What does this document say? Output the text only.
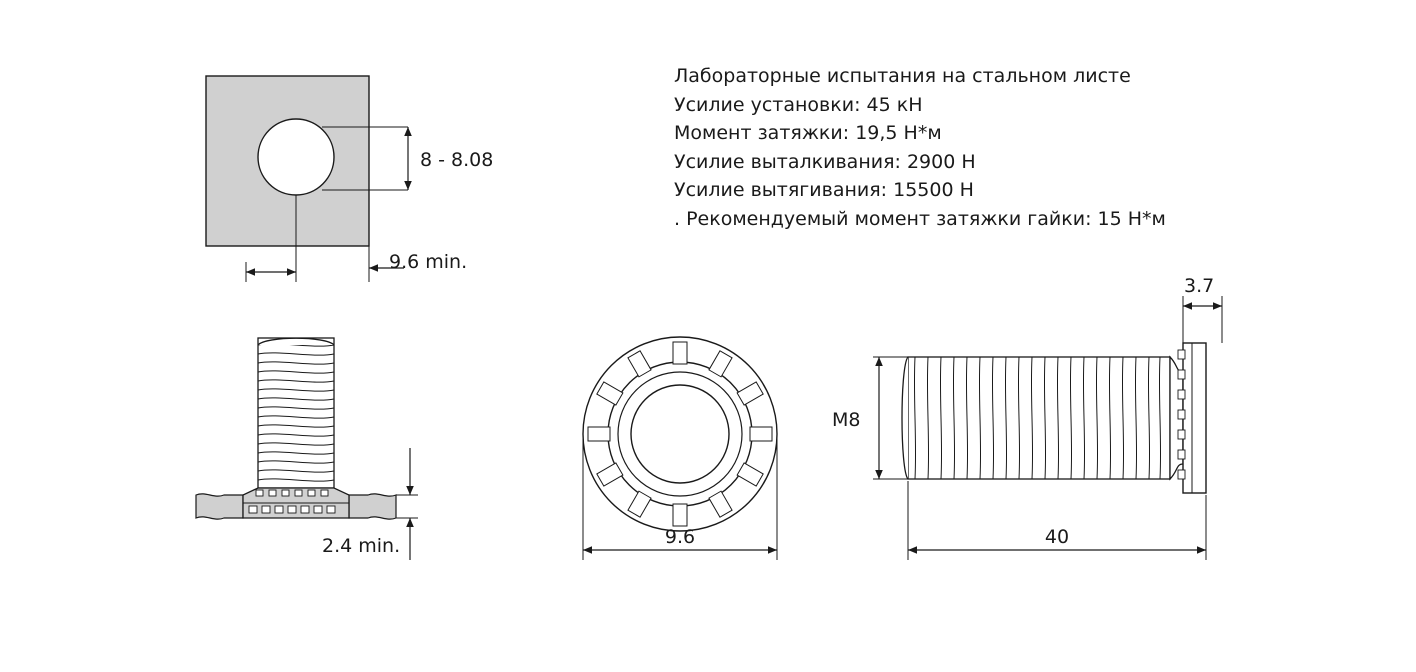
8 - 8.08
9.6 min.
2.4 min.	9.6
M8
3.7
40
Лабораторные испытания на стальном листе
Усилие установки: 45 кН
Момент затяжки: 19,5 Н*м
Усилие выталкивания: 2900 Н
Усилие вытягивания: 15500 Н
. Рекомендуемый момент затяжки гайки: 15 Н*м
